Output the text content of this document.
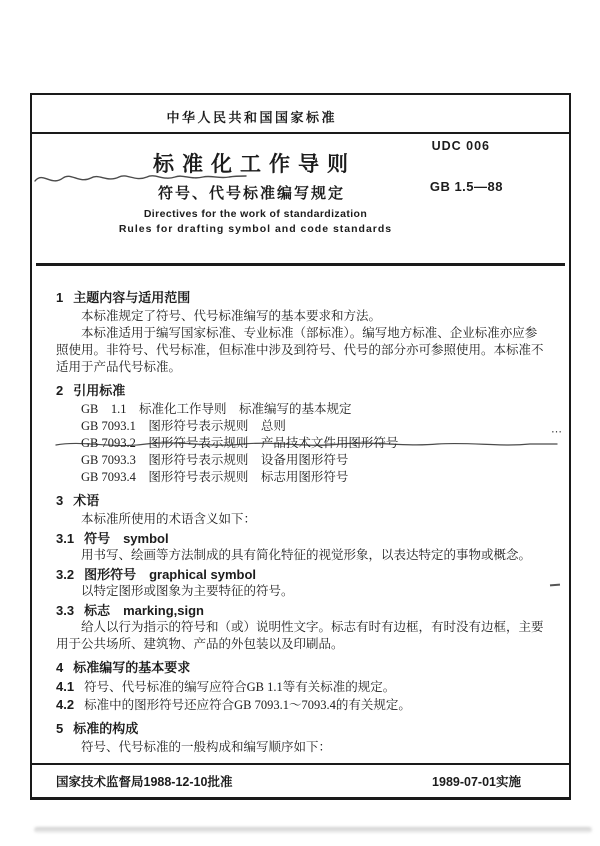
中华人民共和国国家标准
UDC 006
标准化工作导则
GB 1.5—88
符号、代号标准编写规定
Directives for the work of standardization
Rules for drafting symbol and code standards
1 主题内容与适用范围

本标准规定了符号、代号标准编写的基本要求和方法。

本标准适用于编写国家标准、专业标准（部标准）。编写地方标准、企业标准亦应参照使用。非符号、代号标准，但标准中涉及到符号、代号的部分亦可参照使用。本标准不适用于产品代号标准。

2 引用标准

GB　1.1　标准化工作导则　标准编写的基本规定

GB 7093.1　图形符号表示规则　总则

GB 7093.2　图形符号表示规则　产品技术文件用图形符号

GB 7093.3　图形符号表示规则　设备用图形符号

GB 7093.4　图形符号表示规则　标志用图形符号

3 术语

本标准所使用的术语含义如下：

3.1 符号　symbol

用书写、绘画等方法制成的具有简化特征的视觉形象，以表达特定的事物或概念。

3.2 图形符号　graphical symbol

以特定图形或图象为主要特征的符号。

3.3 标志　marking,sign

给人以行为指示的符号和（或）说明性文字。标志有时有边框，有时没有边框，主要用于公共场所、建筑物、产品的外包装以及印刷品。

4 标准编写的基本要求

4.1 符号、代号标准的编写应符合GB 1.1等有关标准的规定。

4.2 标准中的图形符号还应符合GB 7093.1～7093.4的有关规定。

5 标准的构成

符号、代号标准的一般构成和编写顺序如下：

⋯
国家技术监督局1988-12-10批准	1989-07-01实施
